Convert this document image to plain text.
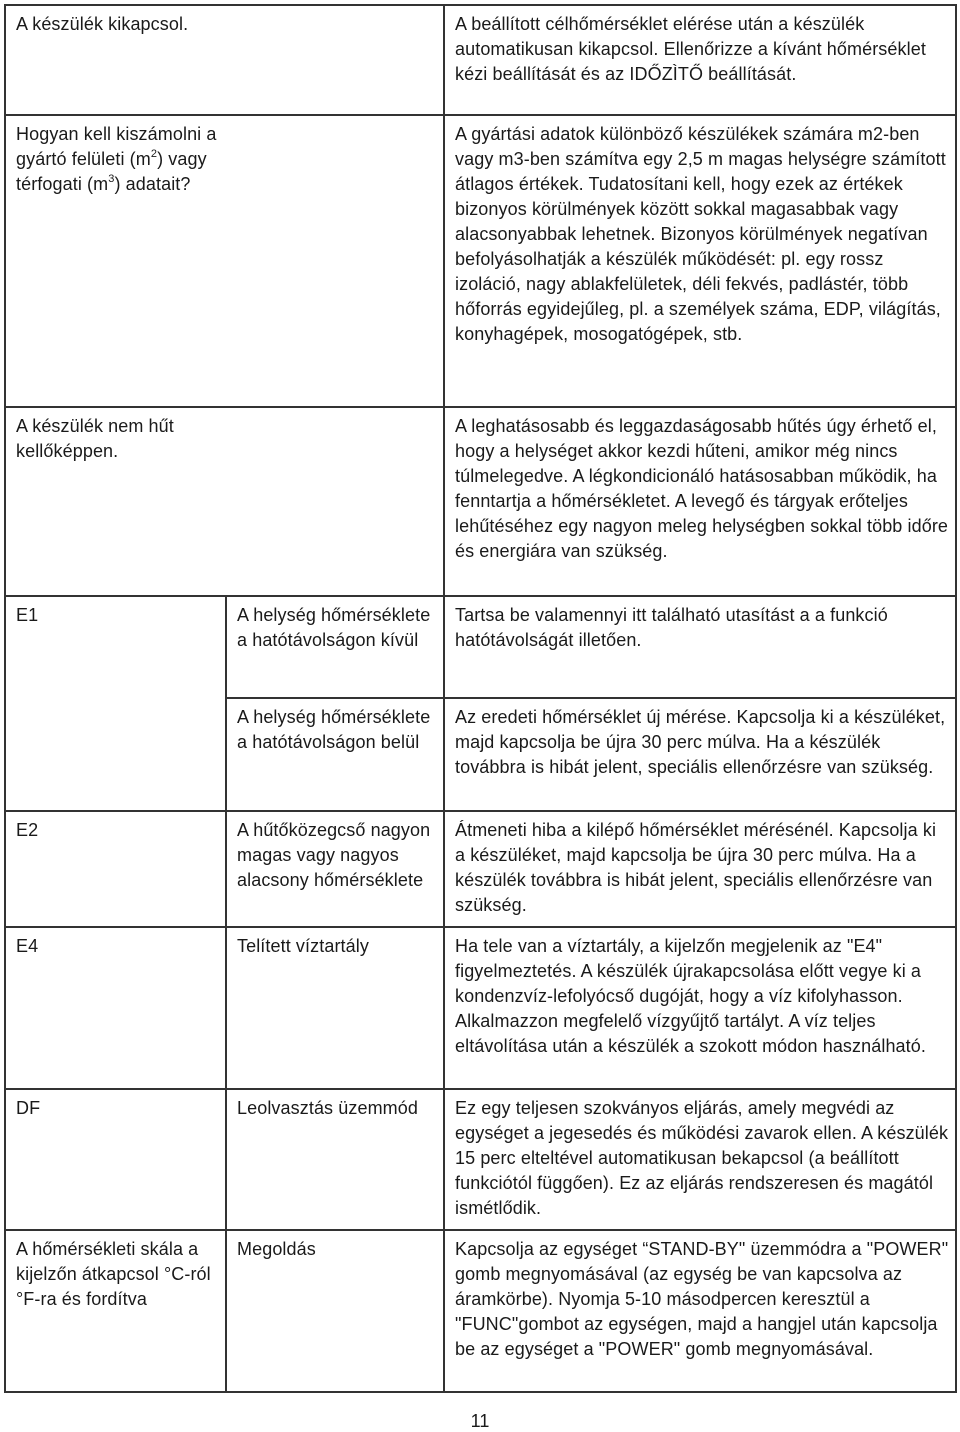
A készülék kikapcsol.		A beállított célhőmérséklet elérése után a készülék automatikusan kikapcsol. Ellenőrizze a kívánt hőmérséklet kézi beállítását és az IDŐZÌTŐ beállítását.
Hogyan kell kiszámolni a gyártó felületi $(m^2)$ vagy térfogati $(m^3)$ adatait?		A gyártási adatok különböző készülékek számára m2-ben vagy m3-ben számítva egy 2,5 m magas helységre számított átlagos értékek. Tudatosítani kell, hogy ezek az értékek bizonyos körülmények között sokkal magasabbak vagy alacsonyabbak lehetnek. Bizonyos körülmények negatívan befolyásolhatják a készülék működését: pl. egy rossz izoláció, nagy ablakfelületek, déli fekvés, padlástér, több hőforrás egyidejűleg, pl. a személyek száma, EDP, világítás, konyhagépek, mosogatógépek, stb.
A készülék nem hűt kellőképpen.		A leghatásosabb és leggazdaságosabb hűtés úgy érhető el, hogy a helységet akkor kezdi hűteni, amikor még nincs túlmelegedve. A légkondicionáló hatásosabban működik, ha fenntartja a hőmérsékletet. A levegő és tárgyak erőteljes lehűtéséhez egy nagyon meleg helységben sokkal több időre és energiára van szükség.
E1	A helység hőmérséklete a hatótávolságon kívül	Tartsa be valamennyi itt található utasítást a a funkció hatótávolságát illetően.
	A helység hőmérséklete a hatótávolságon belül	Az eredeti hőmérséklet új mérése. Kapcsolja ki a készüléket, majd kapcsolja be újra 30 perc múlva. Ha a készülék továbbra is hibát jelent, speciális ellenőrzésre van szükség.
E2	A hűtőközegcső nagyon magas vagy nagyos alacsony hőmérséklete	Átmeneti hiba a kilépő hőmérséklet mérésénél. Kapcsolja ki a készüléket, majd kapcsolja be újra 30 perc múlva. Ha a készülék továbbra is hibát jelent, speciális ellenőrzésre van szükség.
E4	Telített víztartály	Ha tele van a víztartály, a kijelzőn megjelenik az "E4" figyelmeztetés. A készülék újrakapcsolása előtt vegye ki a kondenzvíz-lefolyócső dugóját, hogy a víz kifolyhasson. Alkalmazzon megfelelő vízgyűjtő tartályt. A víz teljes eltávolítása után a készülék a szokott módon használható.
DF	Leolvasztás üzemmód	Ez egy teljesen szokványos eljárás, amely megvédi az egységet a jegesedés és működési zavarok ellen. A készülék 15 perc elteltével automatikusan bekapcsol (a beállított funkciótól függően). Ez az eljárás rendszeresen és magától ismétlődik.
A hőmérsékleti skála a kijelzőn átkapcsol °C-ról °F-ra és fordítva	Megoldás	Kapcsolja az egységet “STAND-BY" üzemmódra a "POWER" gomb megnyomásával (az egység be van kapcsolva az áramkörbe). Nyomja 5-10 másodpercen keresztül a "FUNC"gombot az egységen, majd a hangjel után kapcsolja be az egységet a "POWER" gomb megnyomásával.
11
